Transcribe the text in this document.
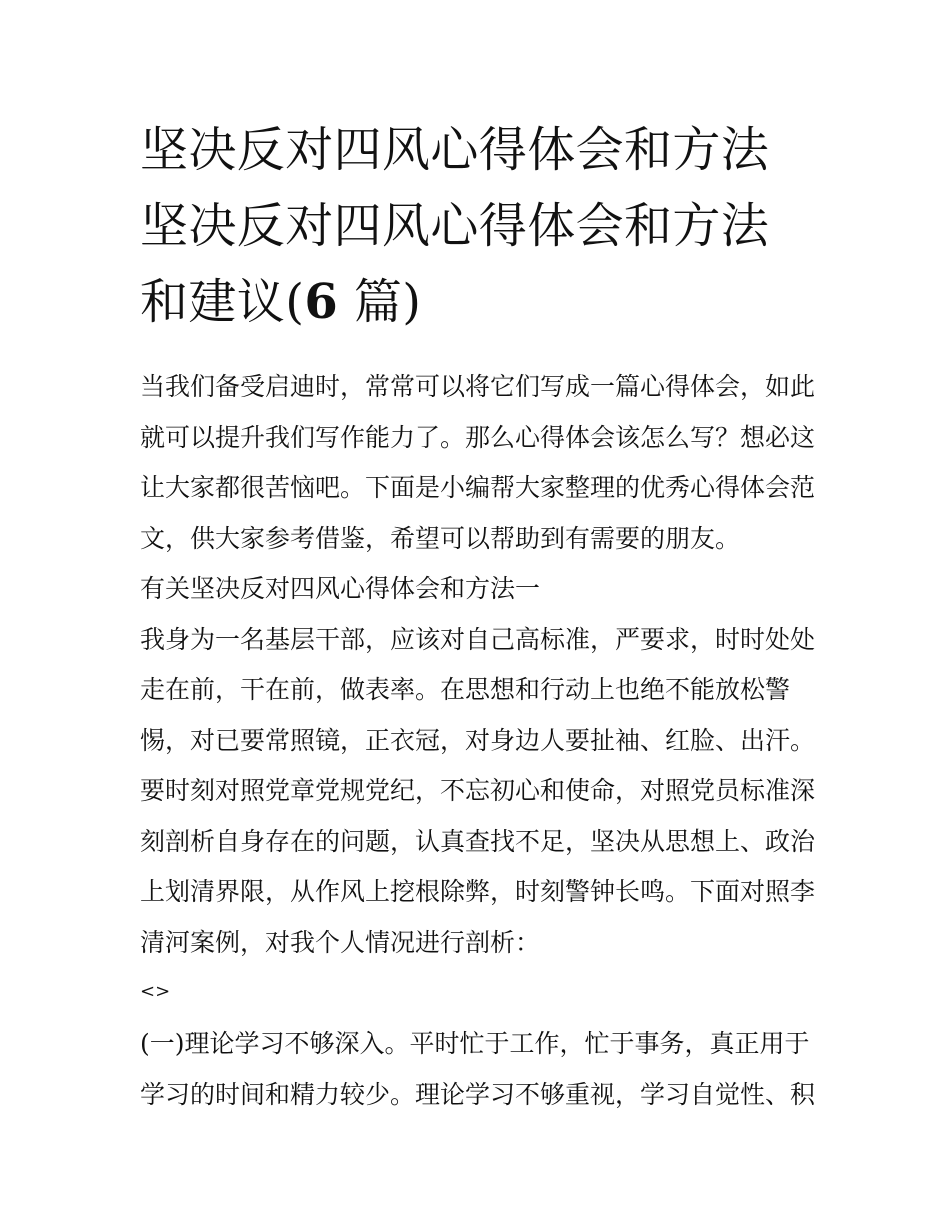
坚决反对四风心得体会和方法
坚决反对四风心得体会和方法
和建议(6 篇)

当我们备受启迪时，常常可以将它们写成一篇心得体会，如此
就可以提升我们写作能力了。那么心得体会该怎么写？想必这
让大家都很苦恼吧。下面是小编帮大家整理的优秀心得体会范
文，供大家参考借鉴，希望可以帮助到有需要的朋友。

有关坚决反对四风心得体会和方法一

我身为一名基层干部，应该对自己高标准，严要求，时时处处
走在前，干在前，做表率。在思想和行动上也绝不能放松警
惕，对已要常照镜，正衣冠，对身边人要扯袖、红脸、出汗。
要时刻对照党章党规党纪，不忘初心和使命，对照党员标准深
刻剖析自身存在的问题，认真查找不足，坚决从思想上、政治
上划清界限，从作风上挖根除弊，时刻警钟长鸣。下面对照李
清河案例，对我个人情况进行剖析：

<>

(一)理论学习不够深入。平时忙于工作，忙于事务，真正用于
学习的时间和精力较少。理论学习不够重视，学习自觉性、积
